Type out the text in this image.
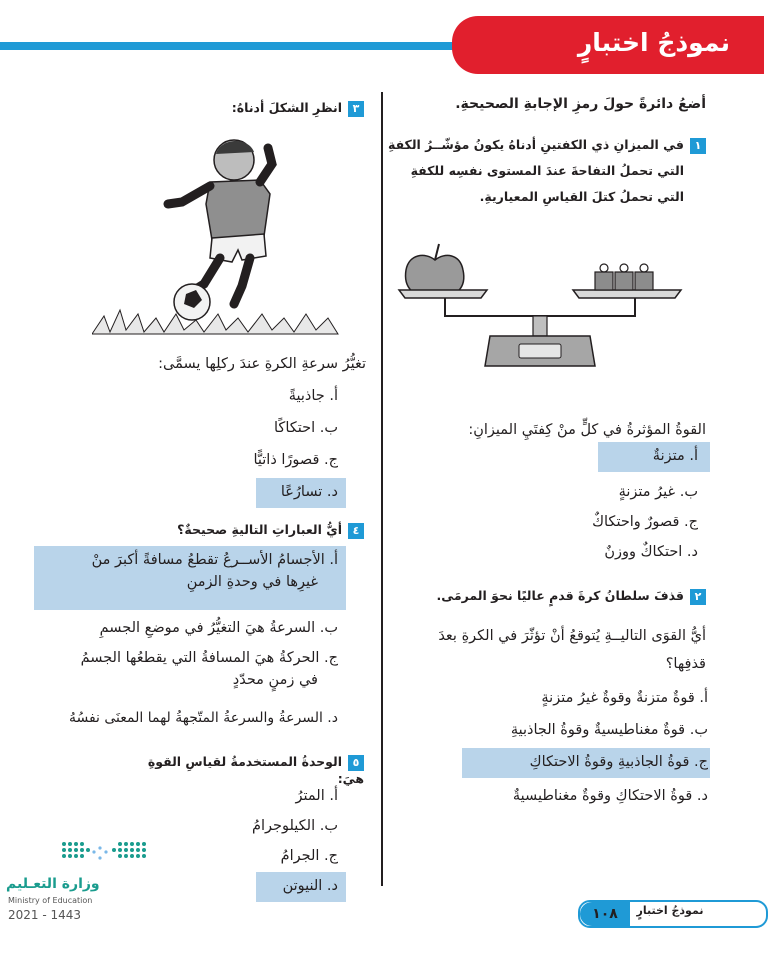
نموذجُ اختبارٍ
أضعُ دائرةً حولَ رمزِ الإجابةِ الصحيحةِ.
١في الميزانِ ذي الكفتينِ أدناهُ يكونُ مؤشّــرُ الكفةِ
التي تحملُ التفاحةَ عندَ المستوى نفسِه للكفةِ
التي تحملُ كتلَ القياسِ المعياريةِ.
القوةُ المؤثرةُ في كلٍّ منْ كِفتَيِ الميزانِ:
أ. متزنةٌ
ب. غيرُ متزنةٍ
ج. قصورٌ واحتكاكٌ
د. احتكاكٌ ووزنٌ
٢قذفَ سلطانُ كرةَ قدمٍ عاليًا نحوَ المرمَى.
أيُّ القوَى التاليــةِ يُتوقعُ أنْ تؤثّرَ في الكرةِ بعدَ
قذفِها؟
أ. قوةٌ متزنةٌ وقوةٌ غيرُ متزنةٍ
ب. قوةٌ مغناطيسيةٌ وقوةُ الجاذبيةِ
ج. قوةُ الجاذبيةِ وقوةُ الاحتكاكِ
د. قوةُ الاحتكاكِ وقوةٌ مغناطيسيةٌ
٣انظرِ الشكلَ أدناهُ:
تغيُّرُ سرعةِ الكرةِ عندَ ركلِها يسمَّى:
أ. جاذبيةً
ب. احتكاكًا
ج. قصورًا ذاتيًّا
د. تسارُعًا
٤أيُّ العباراتِ التاليةِ صحيحةٌ؟
أ. الأجسامُ الأســرعُ تقطعُ مسافةً أكبرَ منْ
غيرِها في وحدةِ الزمنِ
ب. السرعةُ هيَ التغيُّرُ في موضعِ الجسمِ
ج. الحركةُ هيَ المسافةُ التي يقطعُها الجسمُ
في زمنٍ محدّدٍ
د. السرعةُ والسرعةُ المتّجهةُ لهما المعنَى نفسُهُ
٥الوحدةُ المستخدمةُ لقياسِ القوةِ هيَ:
أ. المترُ
ب. الكيلوجرامُ
ج. الجرامُ
د. النيوتن
وزارة التعـليم
Ministry of Education
2021 - 1443	١٠٨	نموذجُ اختبارٍ
